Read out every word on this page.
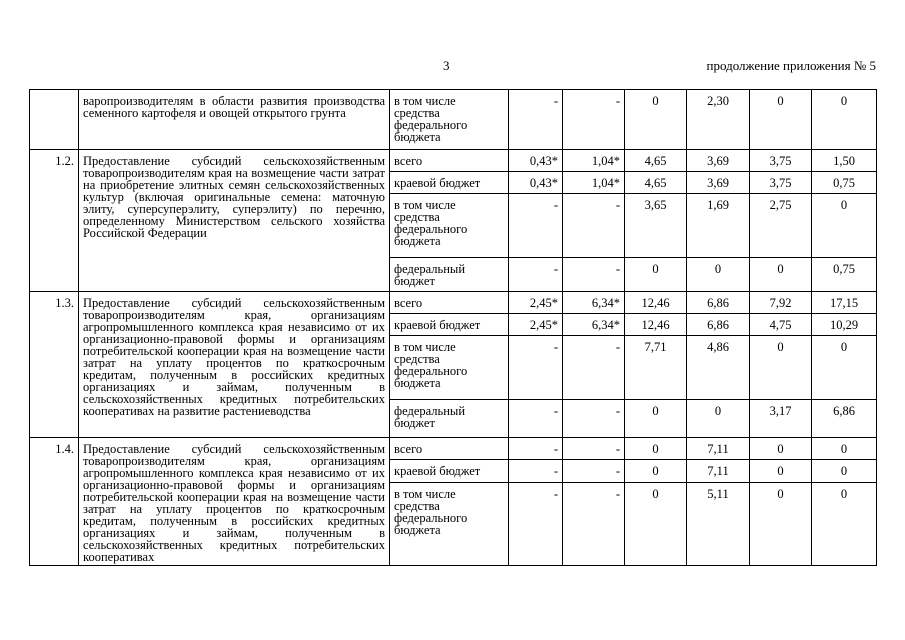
3	продолжение приложения № 5
	варопроизводителям в области развития производства семенного картофеля и овощей открытого грунта	в том числе средства федерального бюджета	-	-	0	2,30	0	0
1.2.	Предоставление субсидий сельскохозяйственным товаропроизводителям края на возмещение части затрат на приобретение элитных семян сельскохозяйственных культур (включая оригинальные семена: маточную элиту, суперсуперэлиту, суперэлиту) по перечню, определенному Министерством сельского хозяйства Российской Федерации	всего	0,43*	1,04*	4,65	3,69	3,75	1,50
		краевой бюджет	0,43*	1,04*	4,65	3,69	3,75	0,75
		в том числе средства федерального бюджета	-	-	3,65	1,69	2,75	0
		федеральный бюджет	-	-	0	0	0	0,75
1.3.	Предоставление субсидий сельскохозяйственным товаропроизводителям края, организациям агропромышленного комплекса края независимо от их организационно-правовой формы и организациям потребительской кооперации края на возмещение части затрат на уплату процентов по краткосрочным кредитам, полученным в российских кредитных организациях и займам, полученным в сельскохозяйственных кредитных потребительских кооперативах на развитие растениеводства	всего	2,45*	6,34*	12,46	6,86	7,92	17,15
		краевой бюджет	2,45*	6,34*	12,46	6,86	4,75	10,29
		в том числе средства федерального бюджета	-	-	7,71	4,86	0	0
		федеральный бюджет	-	-	0	0	3,17	6,86
1.4.	Предоставление субсидий сельскохозяйственным товаропроизводителям края, организациям агропромышленного комплекса края независимо от их организационно-правовой формы и организациям потребительской кооперации края на возмещение части затрат на уплату процентов по краткосрочным кредитам, полученным в российских кредитных организациях и займам, полученным в сельскохозяйственных кредитных потребительских кооперативах	всего	-	-	0	7,11	0	0
		краевой бюджет	-	-	0	7,11	0	0
		в том числе средства федерального бюджета	-	-	0	5,11	0	0
